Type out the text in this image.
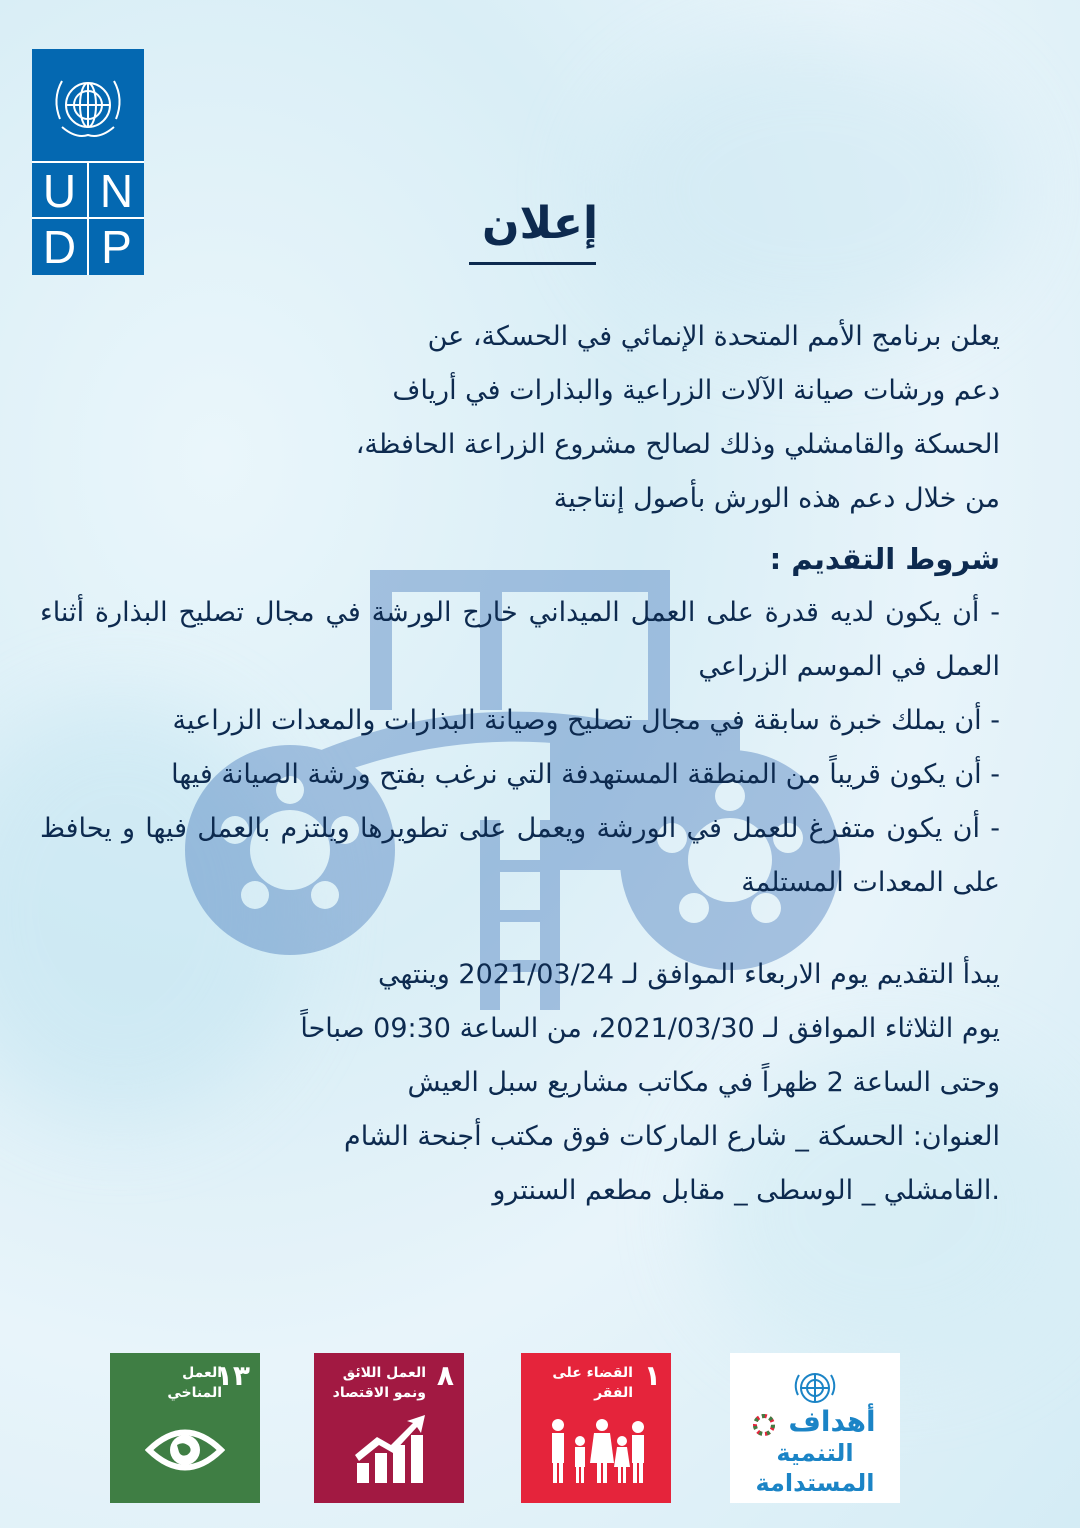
U N
D P	إعلان

يعلن برنامج الأمم المتحدة الإنمائي في الحسكة، عن

دعم ورشات صيانة الآلات الزراعية والبذارات في أرياف

الحسكة والقامشلي وذلك لصالح مشروع الزراعة الحافظة،

من خلال دعم هذه الورش بأصول إنتاجية

شروط التقديم :

- أن يكون لديه قدرة على العمل الميداني خارج الورشة في مجال تصليح البذارة أثناء العمل في الموسم الزراعي

- أن يملك خبرة سابقة في مجال تصليح وصيانة البذارات والمعدات الزراعية

- أن يكون قريباً من المنطقة المستهدفة التي نرغب بفتح ورشة الصيانة فيها

- أن يكون متفرغ للعمل في الورشة ويعمل على تطويرها ويلتزم بالعمل فيها و يحافظ على المعدات المستلمة

يبدأ التقديم يوم الاربعاء الموافق لـ 2021/03/24 وينتهي

يوم الثلاثاء الموافق لـ 2021/03/30، من الساعة 09:30 صباحاً

وحتى الساعة 2 ظهراً في مكاتب مشاريع سبل العيش

العنوان: الحسكة _ شارع الماركات فوق مكتب أجنحة الشام

.القامشلي _ الوسطى _ مقابل مطعم السنترو

١٣
العمل
المناخي
٨
العمل اللائق
ونمو الاقتصاد
١
القضاء على
الفقر
أهداف
التنمية
المستدامة
